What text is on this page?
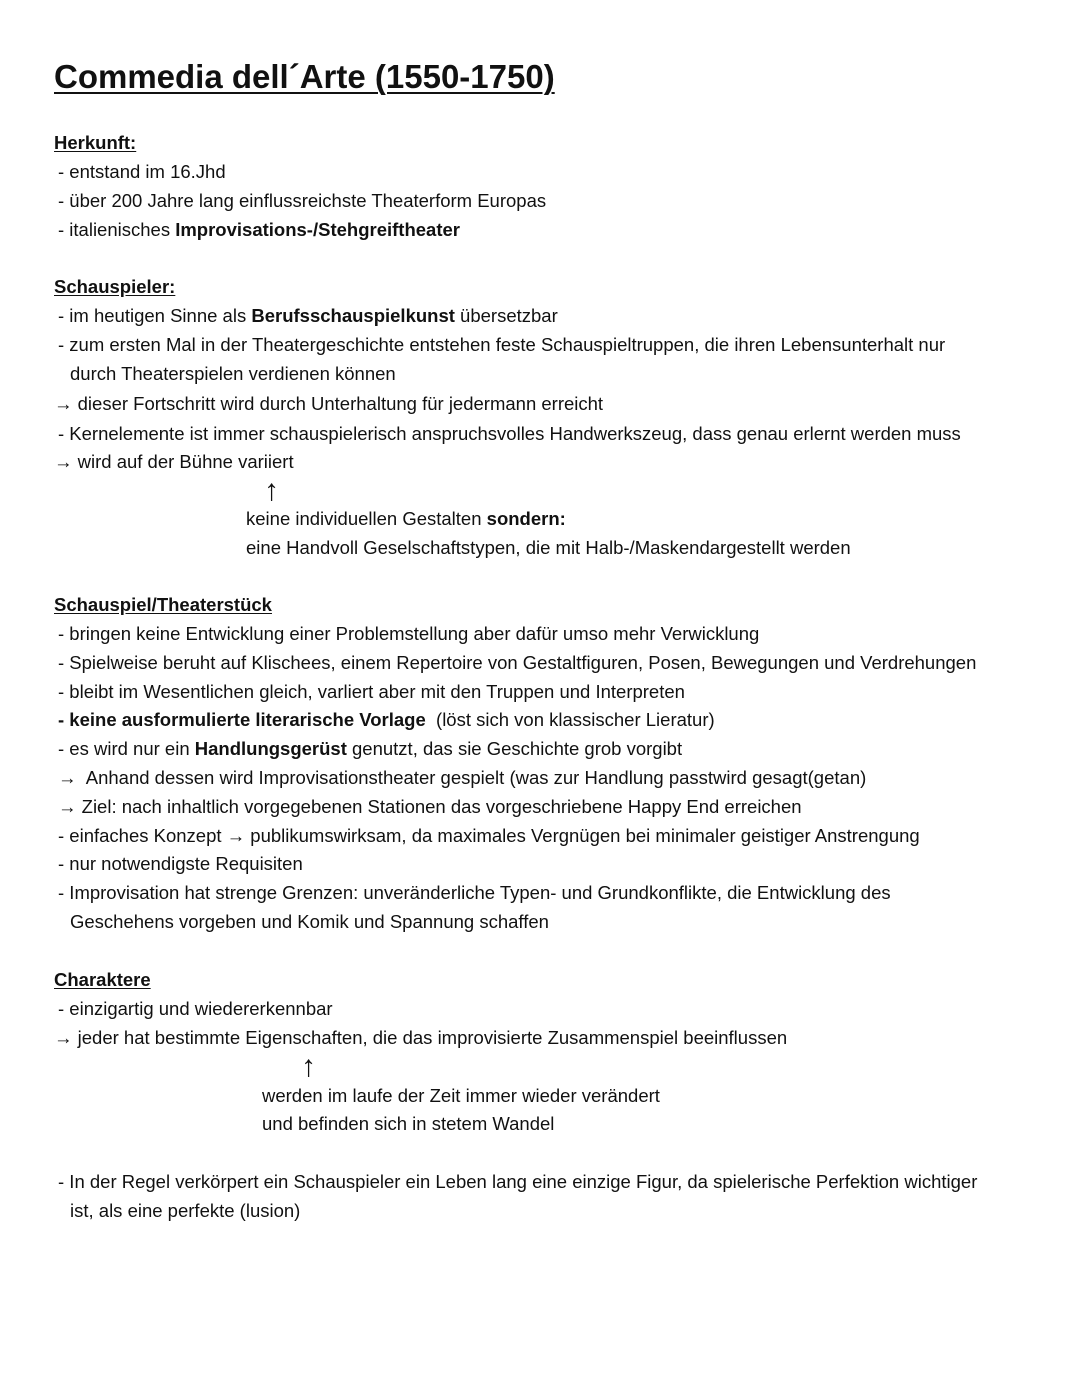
Commedia dell´Arte (1550-1750)
Herkunft:
- entstand im 16.Jhd
- über 200 Jahre lang einflussreichste Theaterform Europas
- italienisches Improvisations-/Stehgreiftheater
Schauspieler:
- im heutigen Sinne als Berufsschauspielkunst übersetzbar
- zum ersten Mal in der Theatergeschichte entstehen feste Schauspieltruppen, die ihren Lebensunterhalt nur
durch Theaterspielen verdienen können
→ dieser Fortschritt wird durch Unterhaltung für jedermann erreicht
- Kernelemente ist immer schauspielerisch anspruchsvolles Handwerkszeug, dass genau erlernt werden muss
→ wird auf der Bühne variiert
↑
keine individuellen Gestalten sondern:
eine Handvoll Geselschaftstypen, die mit Halb-/Maskendargestellt werden
Schauspiel/Theaterstück
- bringen keine Entwicklung einer Problemstellung aber dafür umso mehr Verwicklung
- Spielweise beruht auf Klischees, einem Repertoire von Gestaltfiguren, Posen, Bewegungen und Verdrehungen
- bleibt im Wesentlichen gleich, varliert aber mit den Truppen und Interpreten
- keine ausformulierte literarische Vorlage  (löst sich von klassischer Lieratur)
- es wird nur ein Handlungsgerüst genutzt, das sie Geschichte grob vorgibt
→  Anhand dessen wird Improvisationstheater gespielt (was zur Handlung passtwird gesagt(getan)
→ Ziel: nach inhaltlich vorgegebenen Stationen das vorgeschriebene Happy End erreichen
- einfaches Konzept → publikumswirksam, da maximales Vergnügen bei minimaler geistiger Anstrengung
- nur notwendigste Requisiten
- Improvisation hat strenge Grenzen: unveränderliche Typen- und Grundkonflikte, die Entwicklung des
Geschehens vorgeben und Komik und Spannung schaffen
Charaktere
- einzigartig und wiedererkennbar
→ jeder hat bestimmte Eigenschaften, die das improvisierte Zusammenspiel beeinflussen
↑
werden im laufe der Zeit immer wieder verändert
und befinden sich in stetem Wandel
- In der Regel verkörpert ein Schauspieler ein Leben lang eine einzige Figur, da spielerische Perfektion wichtiger
ist, als eine perfekte (lusion)
